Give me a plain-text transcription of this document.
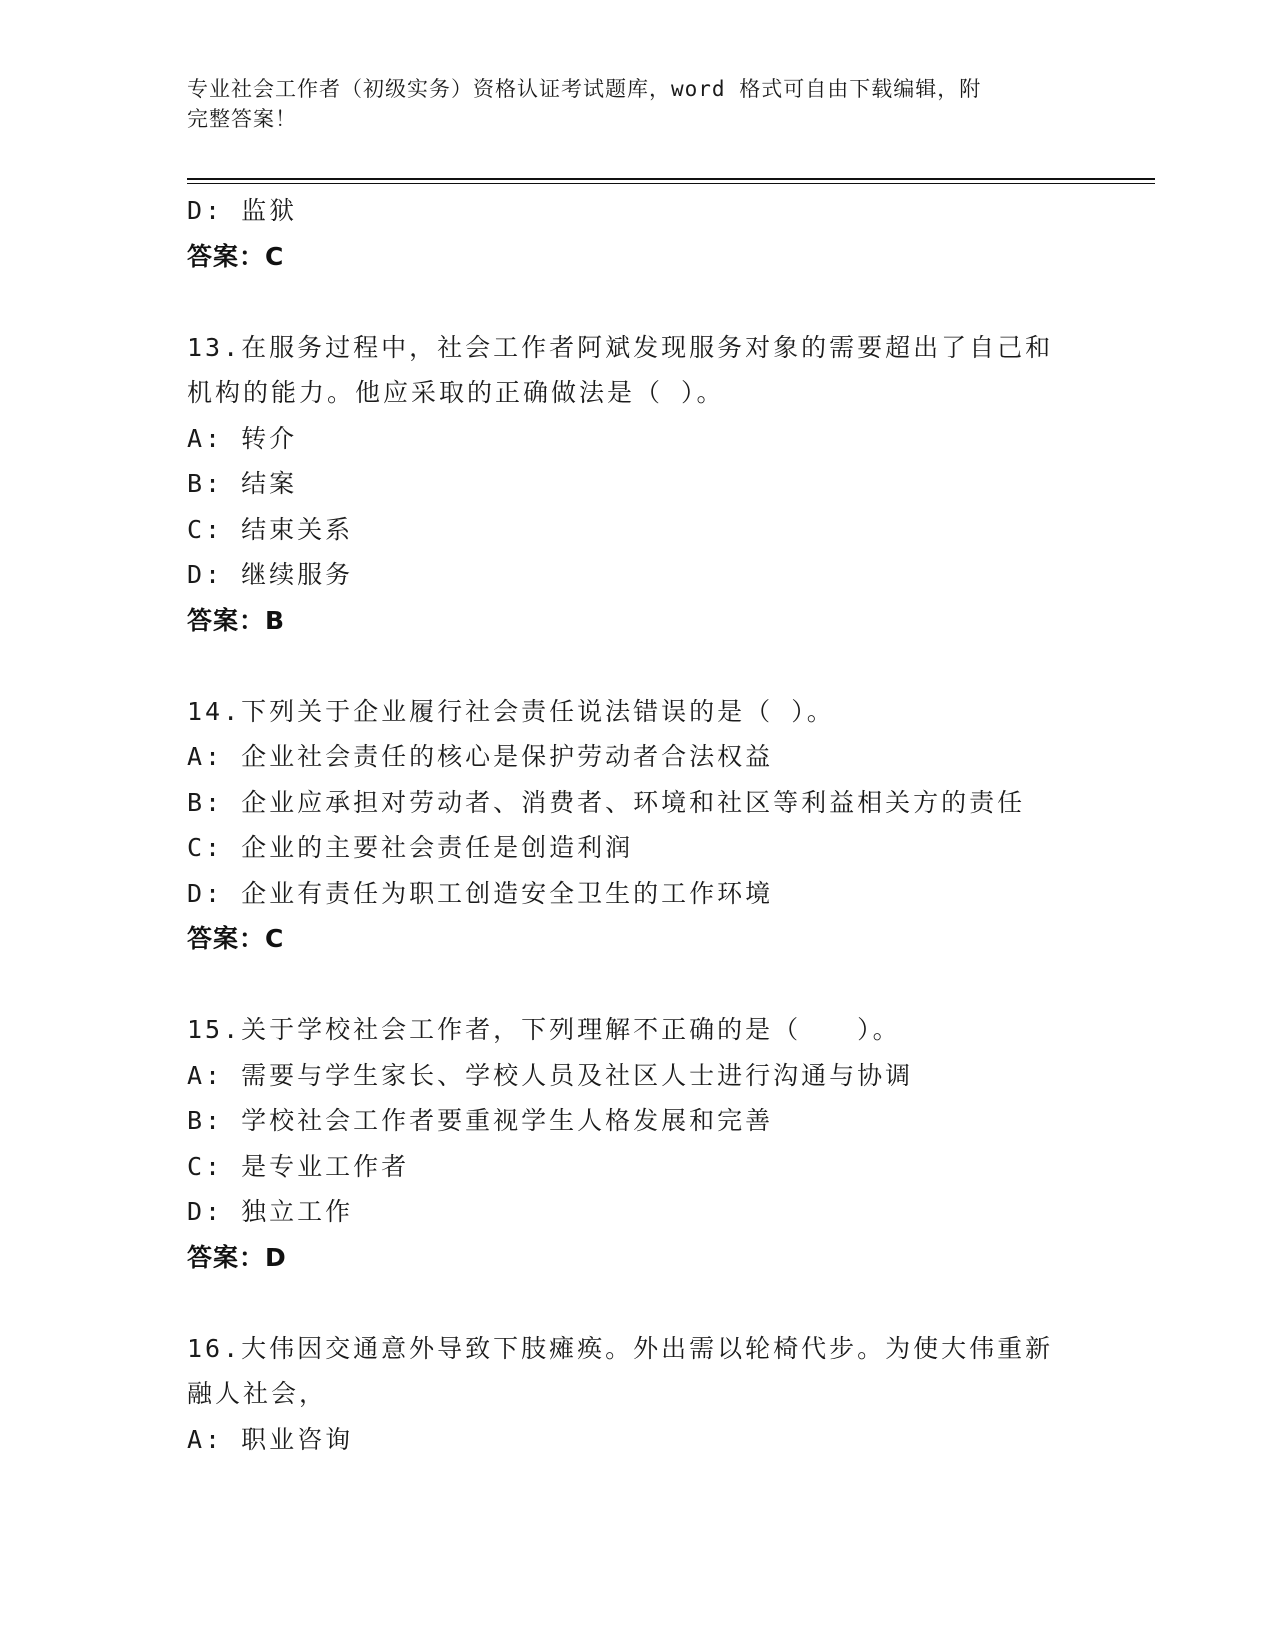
专业社会工作者（初级实务）资格认证考试题库，word 格式可自由下载编辑，附
完整答案！
D: 监狱
答案：C
13.在服务过程中，社会工作者阿斌发现服务对象的需要超出了自己和
机构的能力。他应采取的正确做法是（ ）。
A: 转介
B: 结案
C: 结束关系
D: 继续服务
答案：B
14.下列关于企业履行社会责任说法错误的是（ ）。
A: 企业社会责任的核心是保护劳动者合法权益
B: 企业应承担对劳动者、消费者、环境和社区等利益相关方的责任
C: 企业的主要社会责任是创造利润
D: 企业有责任为职工创造安全卫生的工作环境
答案：C
15.关于学校社会工作者，下列理解不正确的是（　　）。
A: 需要与学生家长、学校人员及社区人士进行沟通与协调
B: 学校社会工作者要重视学生人格发展和完善
C: 是专业工作者
D: 独立工作
答案：D
16.大伟因交通意外导致下肢瘫痪。外出需以轮椅代步。为使大伟重新
融人社会，
A: 职业咨询
